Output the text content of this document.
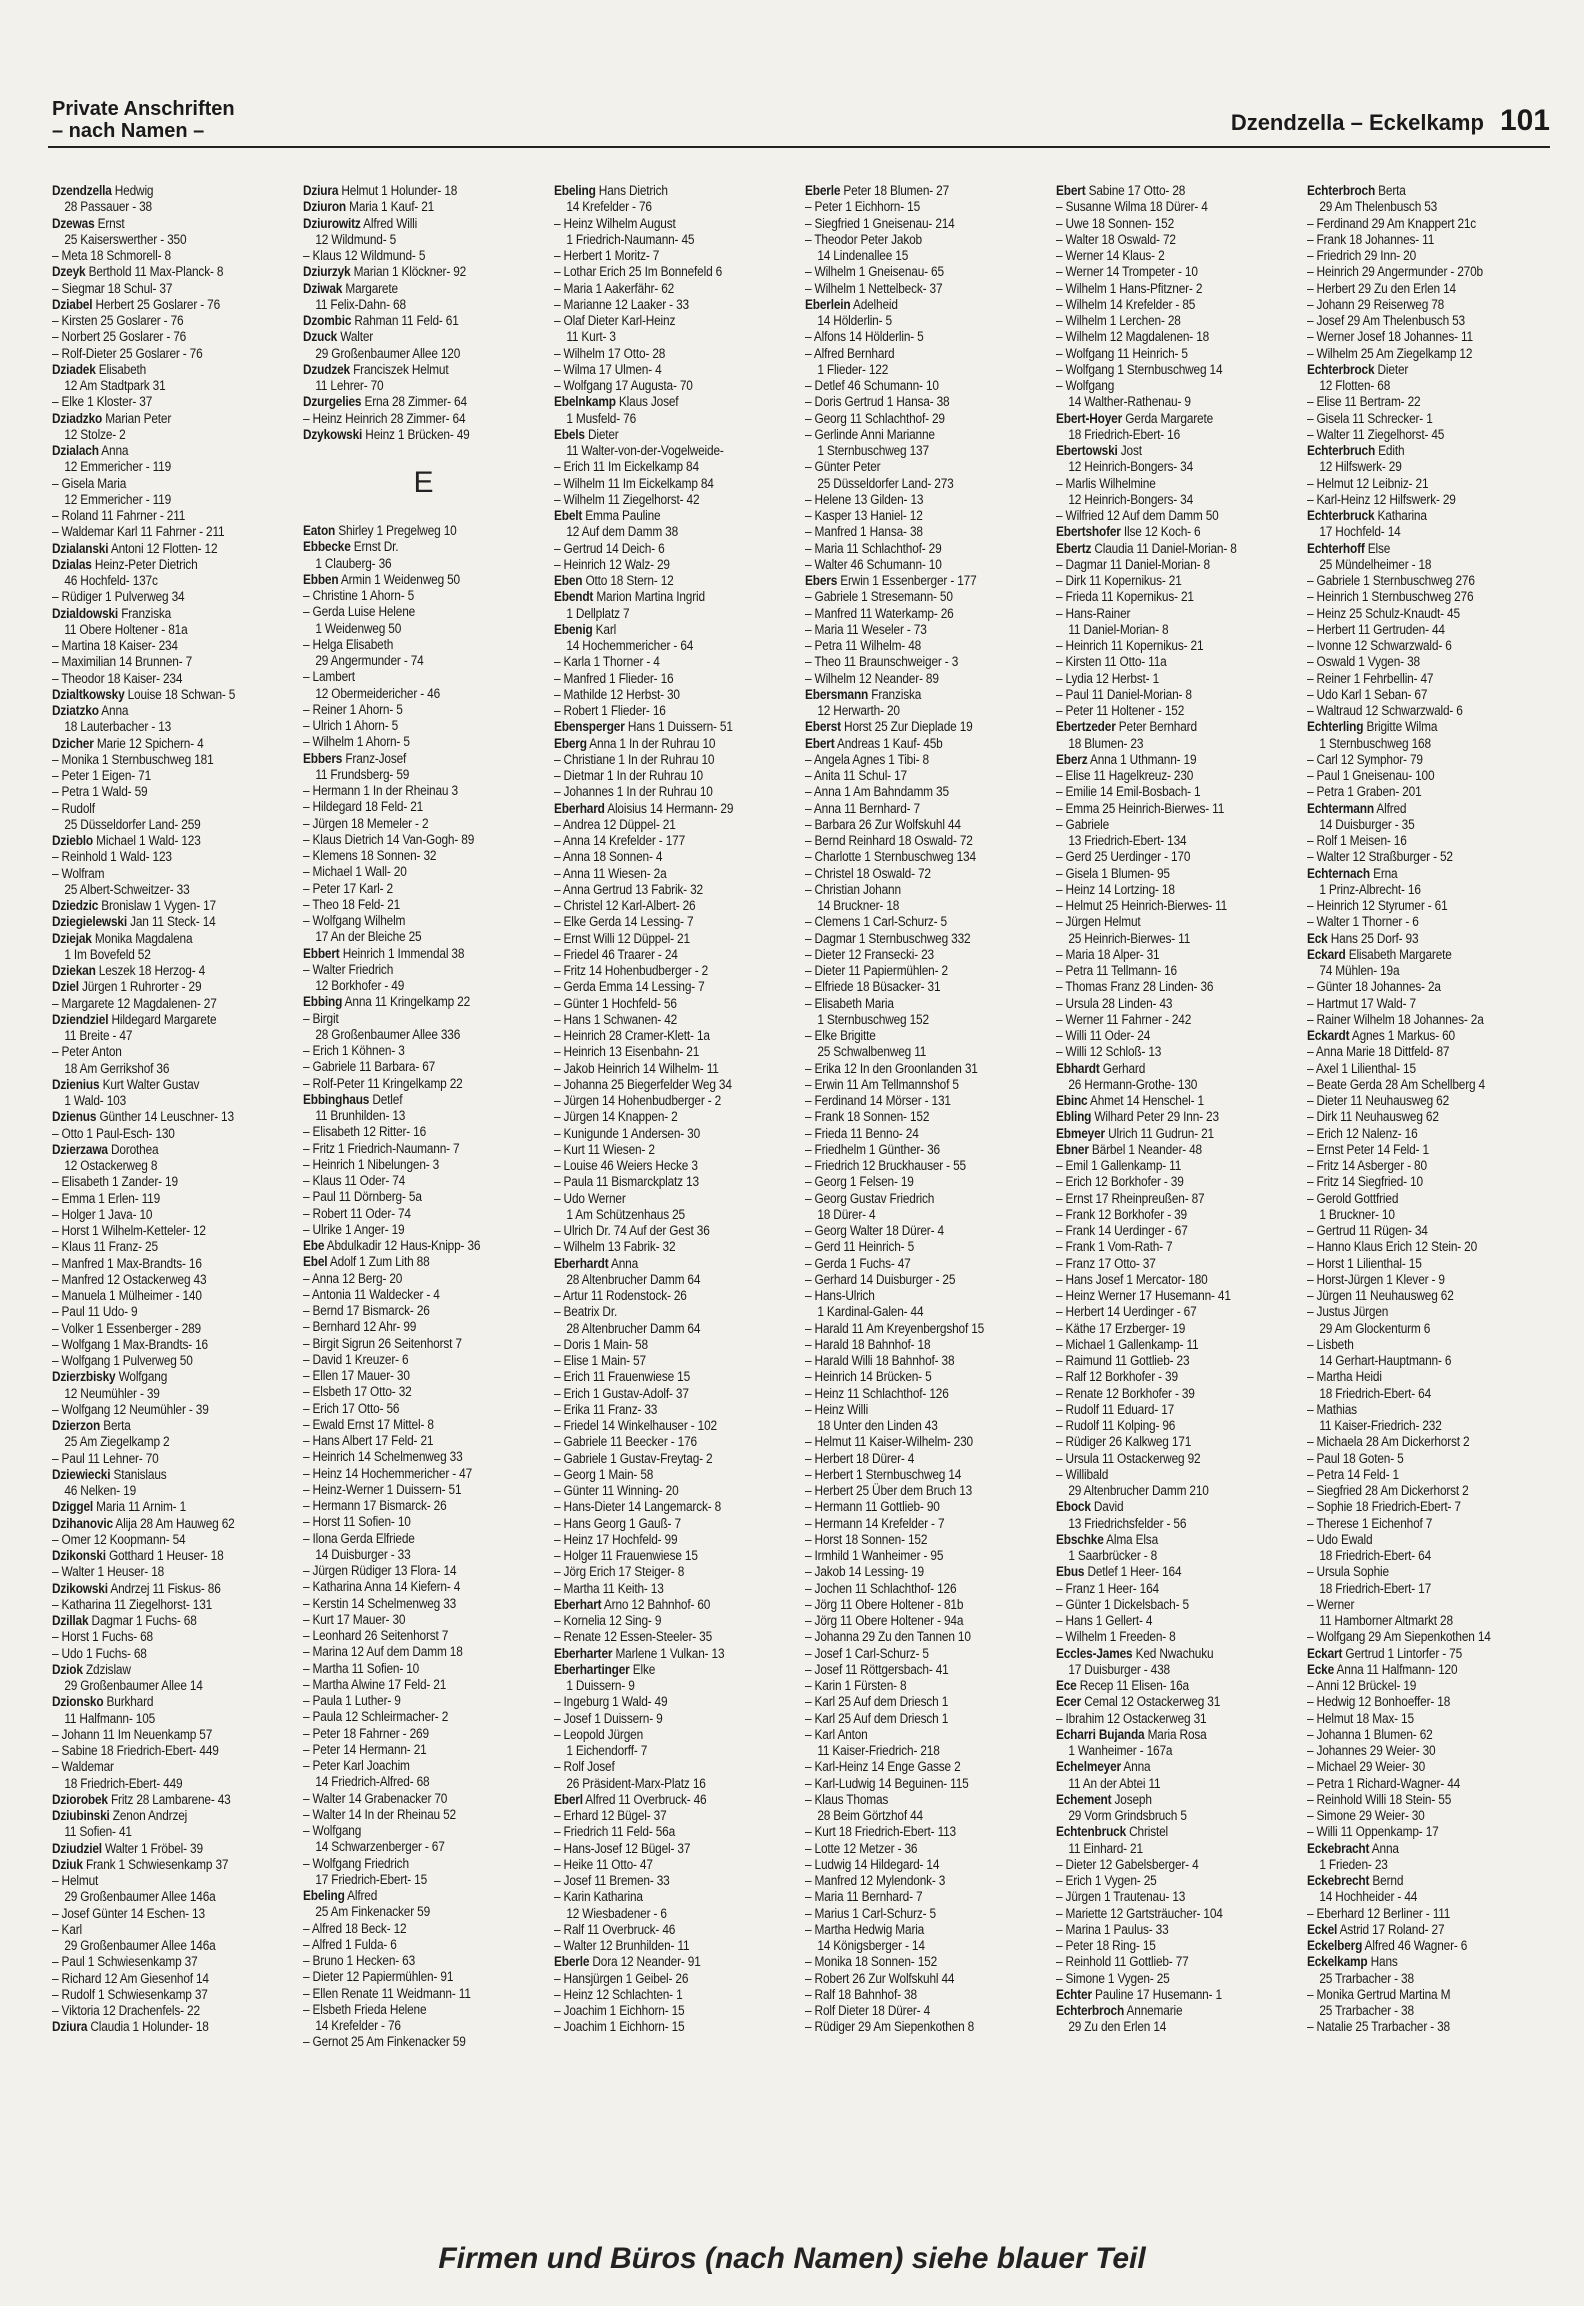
Private Anschriften
– nach Namen –	Dzendzella – Eckelkamp 101
Dzendzella Hedwig
28 Passauer - 38
Dzewas Ernst
25 Kaiserswerther - 350
– Meta 18 Schmorell- 8
Dzeyk Berthold 11 Max-Planck- 8
– Siegmar 18 Schul- 37
Dziabel Herbert 25 Goslarer - 76
– Kirsten 25 Goslarer - 76
– Norbert 25 Goslarer - 76
– Rolf-Dieter 25 Goslarer - 76
Dziadek Elisabeth
12 Am Stadtpark 31
– Elke 1 Kloster- 37
Dziadzko Marian Peter
12 Stolze- 2
Dzialach Anna
12 Emmericher - 119
– Gisela Maria
12 Emmericher - 119
– Roland 11 Fahrner - 211
– Waldemar Karl 11 Fahrner - 211
Dzialanski Antoni 12 Flotten- 12
Dzialas Heinz-Peter Dietrich
46 Hochfeld- 137c
– Rüdiger 1 Pulverweg 34
Dzialdowski Franziska
11 Obere Holtener - 81a
– Martina 18 Kaiser- 234
– Maximilian 14 Brunnen- 7
– Theodor 18 Kaiser- 234
Dzialtkowsky Louise 18 Schwan- 5
Dziatzko Anna
18 Lauterbacher - 13
Dzicher Marie 12 Spichern- 4
– Monika 1 Sternbuschweg 181
– Peter 1 Eigen- 71
– Petra 1 Wald- 59
– Rudolf
25 Düsseldorfer Land- 259
Dzieblo Michael 1 Wald- 123
– Reinhold 1 Wald- 123
– Wolfram
25 Albert-Schweitzer- 33
Dziedzic Bronislaw 1 Vygen- 17
Dziegielewski Jan 11 Steck- 14
Dziejak Monika Magdalena
1 Im Bovefeld 52
Dziekan Leszek 18 Herzog- 4
Dziel Jürgen 1 Ruhrorter - 29
– Margarete 12 Magdalenen- 27
Dziendziel Hildegard Margarete
11 Breite - 47
– Peter Anton
18 Am Gerrikshof 36
Dzienius Kurt Walter Gustav
1 Wald- 103
Dzienus Günther 14 Leuschner- 13
– Otto 1 Paul-Esch- 130
Dzierzawa Dorothea
12 Ostackerweg 8
– Elisabeth 1 Zander- 19
– Emma 1 Erlen- 119
– Holger 1 Java- 10
– Horst 1 Wilhelm-Ketteler- 12
– Klaus 11 Franz- 25
– Manfred 1 Max-Brandts- 16
– Manfred 12 Ostackerweg 43
– Manuela 1 Mülheimer - 140
– Paul 11 Udo- 9
– Volker 1 Essenberger - 289
– Wolfgang 1 Max-Brandts- 16
– Wolfgang 1 Pulverweg 50
Dzierzbisky Wolfgang
12 Neumühler - 39
– Wolfgang 12 Neumühler - 39
Dzierzon Berta
25 Am Ziegelkamp 2
– Paul 11 Lehner- 70
Dziewiecki Stanislaus
46 Nelken- 19
Dziggel Maria 11 Arnim- 1
Dzihanovic Alija 28 Am Hauweg 62
– Omer 12 Koopmann- 54
Dzikonski Gotthard 1 Heuser- 18
– Walter 1 Heuser- 18
Dzikowski Andrzej 11 Fiskus- 86
– Katharina 11 Ziegelhorst- 131
Dzillak Dagmar 1 Fuchs- 68
– Horst 1 Fuchs- 68
– Udo 1 Fuchs- 68
Dziok Zdzislaw
29 Großenbaumer Allee 14
Dzionsko Burkhard
11 Halfmann- 105
– Johann 11 Im Neuenkamp 57
– Sabine 18 Friedrich-Ebert- 449
– Waldemar
18 Friedrich-Ebert- 449
Dziorobek Fritz 28 Lambarene- 43
Dziubinski Zenon Andrzej
11 Sofien- 41
Dziudziel Walter 1 Fröbel- 39
Dziuk Frank 1 Schwiesenkamp 37
– Helmut
29 Großenbaumer Allee 146a
– Josef Günter 14 Eschen- 13
– Karl
29 Großenbaumer Allee 146a
– Paul 1 Schwiesenkamp 37
– Richard 12 Am Giesenhof 14
– Rudolf 1 Schwiesenkamp 37
– Viktoria 12 Drachenfels- 22
Dziura Claudia 1 Holunder- 18
Dziura Helmut 1 Holunder- 18
Dziuron Maria 1 Kauf- 21
Dziurowitz Alfred Willi
12 Wildmund- 5
– Klaus 12 Wildmund- 5
Dziurzyk Marian 1 Klöckner- 92
Dziwak Margarete
11 Felix-Dahn- 68
Dzombic Rahman 11 Feld- 61
Dzuck Walter
29 Großenbaumer Allee 120
Dzudzek Franciszek Helmut
11 Lehrer- 70
Dzurgelies Erna 28 Zimmer- 64
– Heinz Heinrich 28 Zimmer- 64
Dzykowski Heinz 1 Brücken- 49
E
Eaton Shirley 1 Pregelweg 10
Ebbecke Ernst Dr.
1 Clauberg- 36
Ebben Armin 1 Weidenweg 50
– Christine 1 Ahorn- 5
– Gerda Luise Helene
1 Weidenweg 50
– Helga Elisabeth
29 Angermunder - 74
– Lambert
12 Obermeidericher - 46
– Reiner 1 Ahorn- 5
– Ulrich 1 Ahorn- 5
– Wilhelm 1 Ahorn- 5
Ebbers Franz-Josef
11 Frundsberg- 59
– Hermann 1 In der Rheinau 3
– Hildegard 18 Feld- 21
– Jürgen 18 Memeler - 2
– Klaus Dietrich 14 Van-Gogh- 89
– Klemens 18 Sonnen- 32
– Michael 1 Wall- 20
– Peter 17 Karl- 2
– Theo 18 Feld- 21
– Wolfgang Wilhelm
17 An der Bleiche 25
Ebbert Heinrich 1 Immendal 38
– Walter Friedrich
12 Borkhofer - 49
Ebbing Anna 11 Kringelkamp 22
– Birgit
28 Großenbaumer Allee 336
– Erich 1 Köhnen- 3
– Gabriele 11 Barbara- 67
– Rolf-Peter 11 Kringelkamp 22
Ebbinghaus Detlef
11 Brunhilden- 13
– Elisabeth 12 Ritter- 16
– Fritz 1 Friedrich-Naumann- 7
– Heinrich 1 Nibelungen- 3
– Klaus 11 Oder- 74
– Paul 11 Dörnberg- 5a
– Robert 11 Oder- 74
– Ulrike 1 Anger- 19
Ebe Abdulkadir 12 Haus-Knipp- 36
Ebel Adolf 1 Zum Lith 88
– Anna 12 Berg- 20
– Antonia 11 Waldecker - 4
– Bernd 17 Bismarck- 26
– Bernhard 12 Ahr- 99
– Birgit Sigrun 26 Seitenhorst 7
– David 1 Kreuzer- 6
– Ellen 17 Mauer- 30
– Elsbeth 17 Otto- 32
– Erich 17 Otto- 56
– Ewald Ernst 17 Mittel- 8
– Hans Albert 17 Feld- 21
– Heinrich 14 Schelmenweg 33
– Heinz 14 Hochemmericher - 47
– Heinz-Werner 1 Duissern- 51
– Hermann 17 Bismarck- 26
– Horst 11 Sofien- 10
– Ilona Gerda Elfriede
14 Duisburger - 33
– Jürgen Rüdiger 13 Flora- 14
– Katharina Anna 14 Kiefern- 4
– Kerstin 14 Schelmenweg 33
– Kurt 17 Mauer- 30
– Leonhard 26 Seitenhorst 7
– Marina 12 Auf dem Damm 18
– Martha 11 Sofien- 10
– Martha Alwine 17 Feld- 21
– Paula 1 Luther- 9
– Paula 12 Schleirmacher- 2
– Peter 18 Fahrner - 269
– Peter 14 Hermann- 21
– Peter Karl Joachim
14 Friedrich-Alfred- 68
– Walter 14 Grabenacker 70
– Walter 14 In der Rheinau 52
– Wolfgang
14 Schwarzenberger - 67
– Wolfgang Friedrich
17 Friedrich-Ebert- 15
Ebeling Alfred
25 Am Finkenacker 59
– Alfred 18 Beck- 12
– Alfred 1 Fulda- 6
– Bruno 1 Hecken- 63
– Dieter 12 Papiermühlen- 91
– Ellen Renate 11 Weidmann- 11
– Elsbeth Frieda Helene
14 Krefelder - 76
– Gernot 25 Am Finkenacker 59
Ebeling Hans Dietrich
14 Krefelder - 76
– Heinz Wilhelm August
1 Friedrich-Naumann- 45
– Herbert 1 Moritz- 7
– Lothar Erich 25 Im Bonnefeld 6
– Maria 1 Aakerfähr- 62
– Marianne 12 Laaker - 33
– Olaf Dieter Karl-Heinz
11 Kurt- 3
– Wilhelm 17 Otto- 28
– Wilma 17 Ulmen- 4
– Wolfgang 17 Augusta- 70
Ebelnkamp Klaus Josef
1 Musfeld- 76
Ebels Dieter
11 Walter-von-der-Vogelweide-
– Erich 11 Im Eickelkamp 84
– Wilhelm 11 Im Eickelkamp 84
– Wilhelm 11 Ziegelhorst- 42
Ebelt Emma Pauline
12 Auf dem Damm 38
– Gertrud 14 Deich- 6
– Heinrich 12 Walz- 29
Eben Otto 18 Stern- 12
Ebendt Marion Martina Ingrid
1 Dellplatz 7
Ebenig Karl
14 Hochemmericher - 64
– Karla 1 Thorner - 4
– Manfred 1 Flieder- 16
– Mathilde 12 Herbst- 30
– Robert 1 Flieder- 16
Ebensperger Hans 1 Duissern- 51
Eberg Anna 1 In der Ruhrau 10
– Christiane 1 In der Ruhrau 10
– Dietmar 1 In der Ruhrau 10
– Johannes 1 In der Ruhrau 10
Eberhard Aloisius 14 Hermann- 29
– Andrea 12 Düppel- 21
– Anna 14 Krefelder - 177
– Anna 18 Sonnen- 4
– Anna 11 Wiesen- 2a
– Anna Gertrud 13 Fabrik- 32
– Christel 12 Karl-Albert- 26
– Elke Gerda 14 Lessing- 7
– Ernst Willi 12 Düppel- 21
– Friedel 46 Traarer - 24
– Fritz 14 Hohenbudberger - 2
– Gerda Emma 14 Lessing- 7
– Günter 1 Hochfeld- 56
– Hans 1 Schwanen- 42
– Heinrich 28 Cramer-Klett- 1a
– Heinrich 13 Eisenbahn- 21
– Jakob Heinrich 14 Wilhelm- 11
– Johanna 25 Biegerfelder Weg 34
– Jürgen 14 Hohenbudberger - 2
– Jürgen 14 Knappen- 2
– Kunigunde 1 Andersen- 30
– Kurt 11 Wiesen- 2
– Louise 46 Weiers Hecke 3
– Paula 11 Bismarckplatz 13
– Udo Werner
1 Am Schützenhaus 25
– Ulrich Dr. 74 Auf der Gest 36
– Wilhelm 13 Fabrik- 32
Eberhardt Anna
28 Altenbrucher Damm 64
– Artur 11 Rodenstock- 26
– Beatrix Dr.
28 Altenbrucher Damm 64
– Doris 1 Main- 58
– Elise 1 Main- 57
– Erich 11 Frauenwiese 15
– Erich 1 Gustav-Adolf- 37
– Erika 11 Franz- 33
– Friedel 14 Winkelhauser - 102
– Gabriele 11 Beecker - 176
– Gabriele 1 Gustav-Freytag- 2
– Georg 1 Main- 58
– Günter 11 Winning- 20
– Hans-Dieter 14 Langemarck- 8
– Hans Georg 1 Gauß- 7
– Heinz 17 Hochfeld- 99
– Holger 11 Frauenwiese 15
– Jörg Erich 17 Steiger- 8
– Martha 11 Keith- 13
Eberhart Arno 12 Bahnhof- 60
– Kornelia 12 Sing- 9
– Renate 12 Essen-Steeler- 35
Eberharter Marlene 1 Vulkan- 13
Eberhartinger Elke
1 Duissern- 9
– Ingeburg 1 Wald- 49
– Josef 1 Duissern- 9
– Leopold Jürgen
1 Eichendorff- 7
– Rolf Josef
26 Präsident-Marx-Platz 16
Eberl Alfred 11 Overbruck- 46
– Erhard 12 Bügel- 37
– Friedrich 11 Feld- 56a
– Hans-Josef 12 Bügel- 37
– Heike 11 Otto- 47
– Josef 11 Bremen- 33
– Karin Katharina
12 Wiesbadener - 6
– Ralf 11 Overbruck- 46
– Walter 12 Brunhilden- 11
Eberle Dora 12 Neander- 91
– Hansjürgen 1 Geibel- 26
– Heinz 12 Schlachten- 1
– Joachim 1 Eichhorn- 15
– Joachim 1 Eichhorn- 15
Eberle Peter 18 Blumen- 27
– Peter 1 Eichhorn- 15
– Siegfried 1 Gneisenau- 214
– Theodor Peter Jakob
14 Lindenallee 15
– Wilhelm 1 Gneisenau- 65
– Wilhelm 1 Nettelbeck- 37
Eberlein Adelheid
14 Hölderlin- 5
– Alfons 14 Hölderlin- 5
– Alfred Bernhard
1 Flieder- 122
– Detlef 46 Schumann- 10
– Doris Gertrud 1 Hansa- 38
– Georg 11 Schlachthof- 29
– Gerlinde Anni Marianne
1 Sternbuschweg 137
– Günter Peter
25 Düsseldorfer Land- 273
– Helene 13 Gilden- 13
– Kasper 13 Haniel- 12
– Manfred 1 Hansa- 38
– Maria 11 Schlachthof- 29
– Walter 46 Schumann- 10
Ebers Erwin 1 Essenberger - 177
– Gabriele 1 Stresemann- 50
– Manfred 11 Waterkamp- 26
– Maria 11 Weseler - 73
– Petra 11 Wilhelm- 48
– Theo 11 Braunschweiger - 3
– Wilhelm 12 Neander- 89
Ebersmann Franziska
12 Herwarth- 20
Eberst Horst 25 Zur Dieplade 19
Ebert Andreas 1 Kauf- 45b
– Angela Agnes 1 Tibi- 8
– Anita 11 Schul- 17
– Anna 1 Am Bahndamm 35
– Anna 11 Bernhard- 7
– Barbara 26 Zur Wolfskuhl 44
– Bernd Reinhard 18 Oswald- 72
– Charlotte 1 Sternbuschweg 134
– Christel 18 Oswald- 72
– Christian Johann
14 Bruckner- 18
– Clemens 1 Carl-Schurz- 5
– Dagmar 1 Sternbuschweg 332
– Dieter 12 Fransecki- 23
– Dieter 11 Papiermühlen- 2
– Elfriede 18 Büsacker- 31
– Elisabeth Maria
1 Sternbuschweg 152
– Elke Brigitte
25 Schwalbenweg 11
– Erika 12 In den Groonlanden 31
– Erwin 11 Am Tellmannshof 5
– Ferdinand 14 Mörser - 131
– Frank 18 Sonnen- 152
– Frieda 11 Benno- 24
– Friedhelm 1 Günther- 36
– Friedrich 12 Bruckhauser - 55
– Georg 1 Felsen- 19
– Georg Gustav Friedrich
18 Dürer- 4
– Georg Walter 18 Dürer- 4
– Gerd 11 Heinrich- 5
– Gerda 1 Fuchs- 47
– Gerhard 14 Duisburger - 25
– Hans-Ulrich
1 Kardinal-Galen- 44
– Harald 11 Am Kreyenbergshof 15
– Harald 18 Bahnhof- 18
– Harald Willi 18 Bahnhof- 38
– Heinrich 14 Brücken- 5
– Heinz 11 Schlachthof- 126
– Heinz Willi
18 Unter den Linden 43
– Helmut 11 Kaiser-Wilhelm- 230
– Herbert 18 Dürer- 4
– Herbert 1 Sternbuschweg 14
– Herbert 25 Über dem Bruch 13
– Hermann 11 Gottlieb- 90
– Hermann 14 Krefelder - 7
– Horst 18 Sonnen- 152
– Irmhild 1 Wanheimer - 95
– Jakob 14 Lessing- 19
– Jochen 11 Schlachthof- 126
– Jörg 11 Obere Holtener - 81b
– Jörg 11 Obere Holtener - 94a
– Johanna 29 Zu den Tannen 10
– Josef 1 Carl-Schurz- 5
– Josef 11 Röttgersbach- 41
– Karin 1 Fürsten- 8
– Karl 25 Auf dem Driesch 1
– Karl 25 Auf dem Driesch 1
– Karl Anton
11 Kaiser-Friedrich- 218
– Karl-Heinz 14 Enge Gasse 2
– Karl-Ludwig 14 Beguinen- 115
– Klaus Thomas
28 Beim Görtzhof 44
– Kurt 18 Friedrich-Ebert- 113
– Lotte 12 Metzer - 36
– Ludwig 14 Hildegard- 14
– Manfred 12 Mylendonk- 3
– Maria 11 Bernhard- 7
– Marius 1 Carl-Schurz- 5
– Martha Hedwig Maria
14 Königsberger - 14
– Monika 18 Sonnen- 152
– Robert 26 Zur Wolfskuhl 44
– Ralf 18 Bahnhof- 38
– Rolf Dieter 18 Dürer- 4
– Rüdiger 29 Am Siepenkothen 8
Ebert Sabine 17 Otto- 28
– Susanne Wilma 18 Dürer- 4
– Uwe 18 Sonnen- 152
– Walter 18 Oswald- 72
– Werner 14 Klaus- 2
– Werner 14 Trompeter - 10
– Wilhelm 1 Hans-Pfitzner- 2
– Wilhelm 14 Krefelder - 85
– Wilhelm 1 Lerchen- 28
– Wilhelm 12 Magdalenen- 18
– Wolfgang 11 Heinrich- 5
– Wolfgang 1 Sternbuschweg 14
– Wolfgang
14 Walther-Rathenau- 9
Ebert-Hoyer Gerda Margarete
18 Friedrich-Ebert- 16
Ebertowski Jost
12 Heinrich-Bongers- 34
– Marlis Wilhelmine
12 Heinrich-Bongers- 34
– Wilfried 12 Auf dem Damm 50
Ebertshofer Ilse 12 Koch- 6
Ebertz Claudia 11 Daniel-Morian- 8
– Dagmar 11 Daniel-Morian- 8
– Dirk 11 Kopernikus- 21
– Frieda 11 Kopernikus- 21
– Hans-Rainer
11 Daniel-Morian- 8
– Heinrich 11 Kopernikus- 21
– Kirsten 11 Otto- 11a
– Lydia 12 Herbst- 1
– Paul 11 Daniel-Morian- 8
– Peter 11 Holtener - 152
Ebertzeder Peter Bernhard
18 Blumen- 23
Eberz Anna 1 Uthmann- 19
– Elise 11 Hagelkreuz- 230
– Emilie 14 Emil-Bosbach- 1
– Emma 25 Heinrich-Bierwes- 11
– Gabriele
13 Friedrich-Ebert- 134
– Gerd 25 Uerdinger - 170
– Gisela 1 Blumen- 95
– Heinz 14 Lortzing- 18
– Helmut 25 Heinrich-Bierwes- 11
– Jürgen Helmut
25 Heinrich-Bierwes- 11
– Maria 18 Alper- 31
– Petra 11 Tellmann- 16
– Thomas Franz 28 Linden- 36
– Ursula 28 Linden- 43
– Werner 11 Fahrner - 242
– Willi 11 Oder- 24
– Willi 12 Schloß- 13
Ebhardt Gerhard
26 Hermann-Grothe- 130
Ebinc Ahmet 14 Henschel- 1
Ebling Wilhard Peter 29 Inn- 23
Ebmeyer Ulrich 11 Gudrun- 21
Ebner Bärbel 1 Neander- 48
– Emil 1 Gallenkamp- 11
– Erich 12 Borkhofer - 39
– Ernst 17 Rheinpreußen- 87
– Frank 12 Borkhofer - 39
– Frank 14 Uerdinger - 67
– Frank 1 Vom-Rath- 7
– Franz 17 Otto- 37
– Hans Josef 1 Mercator- 180
– Heinz Werner 17 Husemann- 41
– Herbert 14 Uerdinger - 67
– Käthe 17 Erzberger- 19
– Michael 1 Gallenkamp- 11
– Raimund 11 Gottlieb- 23
– Ralf 12 Borkhofer - 39
– Renate 12 Borkhofer - 39
– Rudolf 11 Eduard- 17
– Rudolf 11 Kolping- 96
– Rüdiger 26 Kalkweg 171
– Ursula 11 Ostackerweg 92
– Willibald
29 Altenbrucher Damm 210
Ebock David
13 Friedrichsfelder - 56
Ebschke Alma Elsa
1 Saarbrücker - 8
Ebus Detlef 1 Heer- 164
– Franz 1 Heer- 164
– Günter 1 Dickelsbach- 5
– Hans 1 Gellert- 4
– Wilhelm 1 Freeden- 8
Eccles-James Ked Nwachuku
17 Duisburger - 438
Ece Recep 11 Elisen- 16a
Ecer Cemal 12 Ostackerweg 31
– Ibrahim 12 Ostackerweg 31
Echarri Bujanda Maria Rosa
1 Wanheimer - 167a
Echelmeyer Anna
11 An der Abtei 11
Echement Joseph
29 Vorm Grindsbruch 5
Echtenbruck Christel
11 Einhard- 21
– Dieter 12 Gabelsberger- 4
– Erich 1 Vygen- 25
– Jürgen 1 Trautenau- 13
– Mariette 12 Gartsträucher- 104
– Marina 1 Paulus- 33
– Peter 18 Ring- 15
– Reinhold 11 Gottlieb- 77
– Simone 1 Vygen- 25
Echter Pauline 17 Husemann- 1
Echterbroch Annemarie
29 Zu den Erlen 14
Echterbroch Berta
29 Am Thelenbusch 53
– Ferdinand 29 Am Knappert 21c
– Frank 18 Johannes- 11
– Friedrich 29 Inn- 20
– Heinrich 29 Angermunder - 270b
– Herbert 29 Zu den Erlen 14
– Johann 29 Reiserweg 78
– Josef 29 Am Thelenbusch 53
– Werner Josef 18 Johannes- 11
– Wilhelm 25 Am Ziegelkamp 12
Echterbrock Dieter
12 Flotten- 68
– Elise 11 Bertram- 22
– Gisela 11 Schrecker- 1
– Walter 11 Ziegelhorst- 45
Echterbruch Edith
12 Hilfswerk- 29
– Helmut 12 Leibniz- 21
– Karl-Heinz 12 Hilfswerk- 29
Echterbruck Katharina
17 Hochfeld- 14
Echterhoff Else
25 Mündelheimer - 18
– Gabriele 1 Sternbuschweg 276
– Heinrich 1 Sternbuschweg 276
– Heinz 25 Schulz-Knaudt- 45
– Herbert 11 Gertruden- 44
– Ivonne 12 Schwarzwald- 6
– Oswald 1 Vygen- 38
– Reiner 1 Fehrbellin- 47
– Udo Karl 1 Seban- 67
– Waltraud 12 Schwarzwald- 6
Echterling Brigitte Wilma
1 Sternbuschweg 168
– Carl 12 Symphor- 79
– Paul 1 Gneisenau- 100
– Petra 1 Graben- 201
Echtermann Alfred
14 Duisburger - 35
– Rolf 1 Meisen- 16
– Walter 12 Straßburger - 52
Echternach Erna
1 Prinz-Albrecht- 16
– Heinrich 12 Styrumer - 61
– Walter 1 Thorner - 6
Eck Hans 25 Dorf- 93
Eckard Elisabeth Margarete
74 Mühlen- 19a
– Günter 18 Johannes- 2a
– Hartmut 17 Wald- 7
– Rainer Wilhelm 18 Johannes- 2a
Eckardt Agnes 1 Markus- 60
– Anna Marie 18 Dittfeld- 87
– Axel 1 Lilienthal- 15
– Beate Gerda 28 Am Schellberg 4
– Dieter 11 Neuhausweg 62
– Dirk 11 Neuhausweg 62
– Erich 12 Nalenz- 16
– Ernst Peter 14 Feld- 1
– Fritz 14 Asberger - 80
– Fritz 14 Siegfried- 10
– Gerold Gottfried
1 Bruckner- 10
– Gertrud 11 Rügen- 34
– Hanno Klaus Erich 12 Stein- 20
– Horst 1 Lilienthal- 15
– Horst-Jürgen 1 Klever - 9
– Jürgen 11 Neuhausweg 62
– Justus Jürgen
29 Am Glockenturm 6
– Lisbeth
14 Gerhart-Hauptmann- 6
– Martha Heidi
18 Friedrich-Ebert- 64
– Mathias
11 Kaiser-Friedrich- 232
– Michaela 28 Am Dickerhorst 2
– Paul 18 Goten- 5
– Petra 14 Feld- 1
– Siegfried 28 Am Dickerhorst 2
– Sophie 18 Friedrich-Ebert- 7
– Therese 1 Eichenhof 7
– Udo Ewald
18 Friedrich-Ebert- 64
– Ursula Sophie
18 Friedrich-Ebert- 17
– Werner
11 Hamborner Altmarkt 28
– Wolfgang 29 Am Siepenkothen 14
Eckart Gertrud 1 Lintorfer - 75
Ecke Anna 11 Halfmann- 120
– Anni 12 Brückel- 19
– Hedwig 12 Bonhoeffer- 18
– Helmut 18 Max- 15
– Johanna 1 Blumen- 62
– Johannes 29 Weier- 30
– Michael 29 Weier- 30
– Petra 1 Richard-Wagner- 44
– Reinhold Willi 18 Stein- 55
– Simone 29 Weier- 30
– Willi 11 Oppenkamp- 17
Eckebracht Anna
1 Frieden- 23
Eckebrecht Bernd
14 Hochheider - 44
– Eberhard 12 Berliner - 111
Eckel Astrid 17 Roland- 27
Eckelberg Alfred 46 Wagner- 6
Eckelkamp Hans
25 Trarbacher - 38
– Monika Gertrud Martina M
25 Trarbacher - 38
– Natalie 25 Trarbacher - 38
Firmen und Büros (nach Namen) siehe blauer Teil
